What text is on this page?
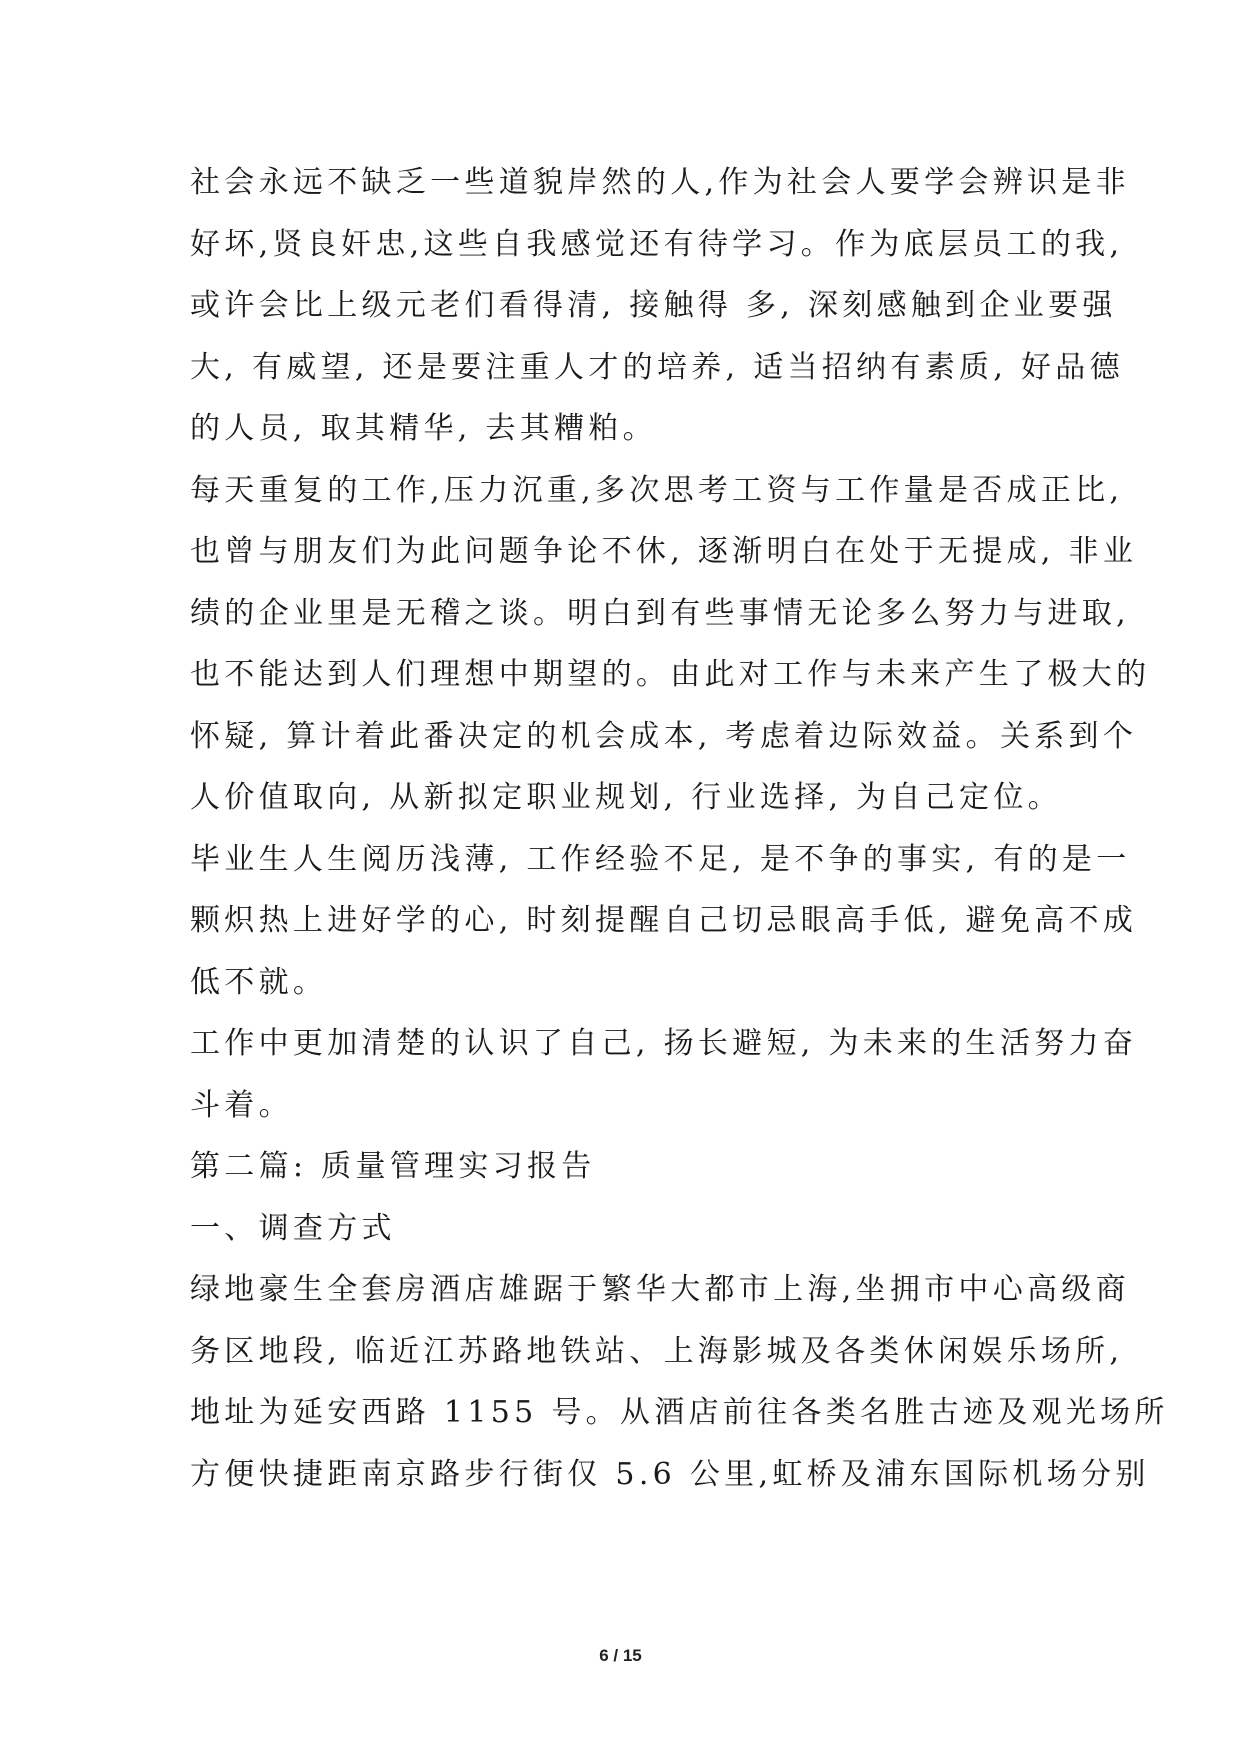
社会永远不缺乏一些道貌岸然的人,作为社会人要学会辨识是非
好坏,贤良奸忠,这些自我感觉还有待学习。作为底层员工的我,
或许会比上级元老们看得清, 接触得 多, 深刻感触到企业要强
大, 有威望, 还是要注重人才的培养, 适当招纳有素质, 好品德
的人员, 取其精华, 去其糟粕。
每天重复的工作,压力沉重,多次思考工资与工作量是否成正比,
也曾与朋友们为此问题争论不休, 逐渐明白在处于无提成, 非业
绩的企业里是无稽之谈。明白到有些事情无论多么努力与进取,
也不能达到人们理想中期望的。由此对工作与未来产生了极大的
怀疑, 算计着此番决定的机会成本, 考虑着边际效益。关系到个
人价值取向, 从新拟定职业规划, 行业选择, 为自己定位。
毕业生人生阅历浅薄, 工作经验不足, 是不争的事实, 有的是一
颗炽热上进好学的心, 时刻提醒自己切忌眼高手低, 避免高不成
低不就。
工作中更加清楚的认识了自己, 扬长避短, 为未来的生活努力奋
斗着。
第二篇: 质量管理实习报告
一、调查方式
绿地豪生全套房酒店雄踞于繁华大都市上海,坐拥市中心高级商
务区地段, 临近江苏路地铁站、上海影城及各类休闲娱乐场所,
地址为延安西路 1155 号。从酒店前往各类名胜古迹及观光场所
方便快捷距南京路步行街仅 5.6 公里,虹桥及浦东国际机场分别
6 / 15
